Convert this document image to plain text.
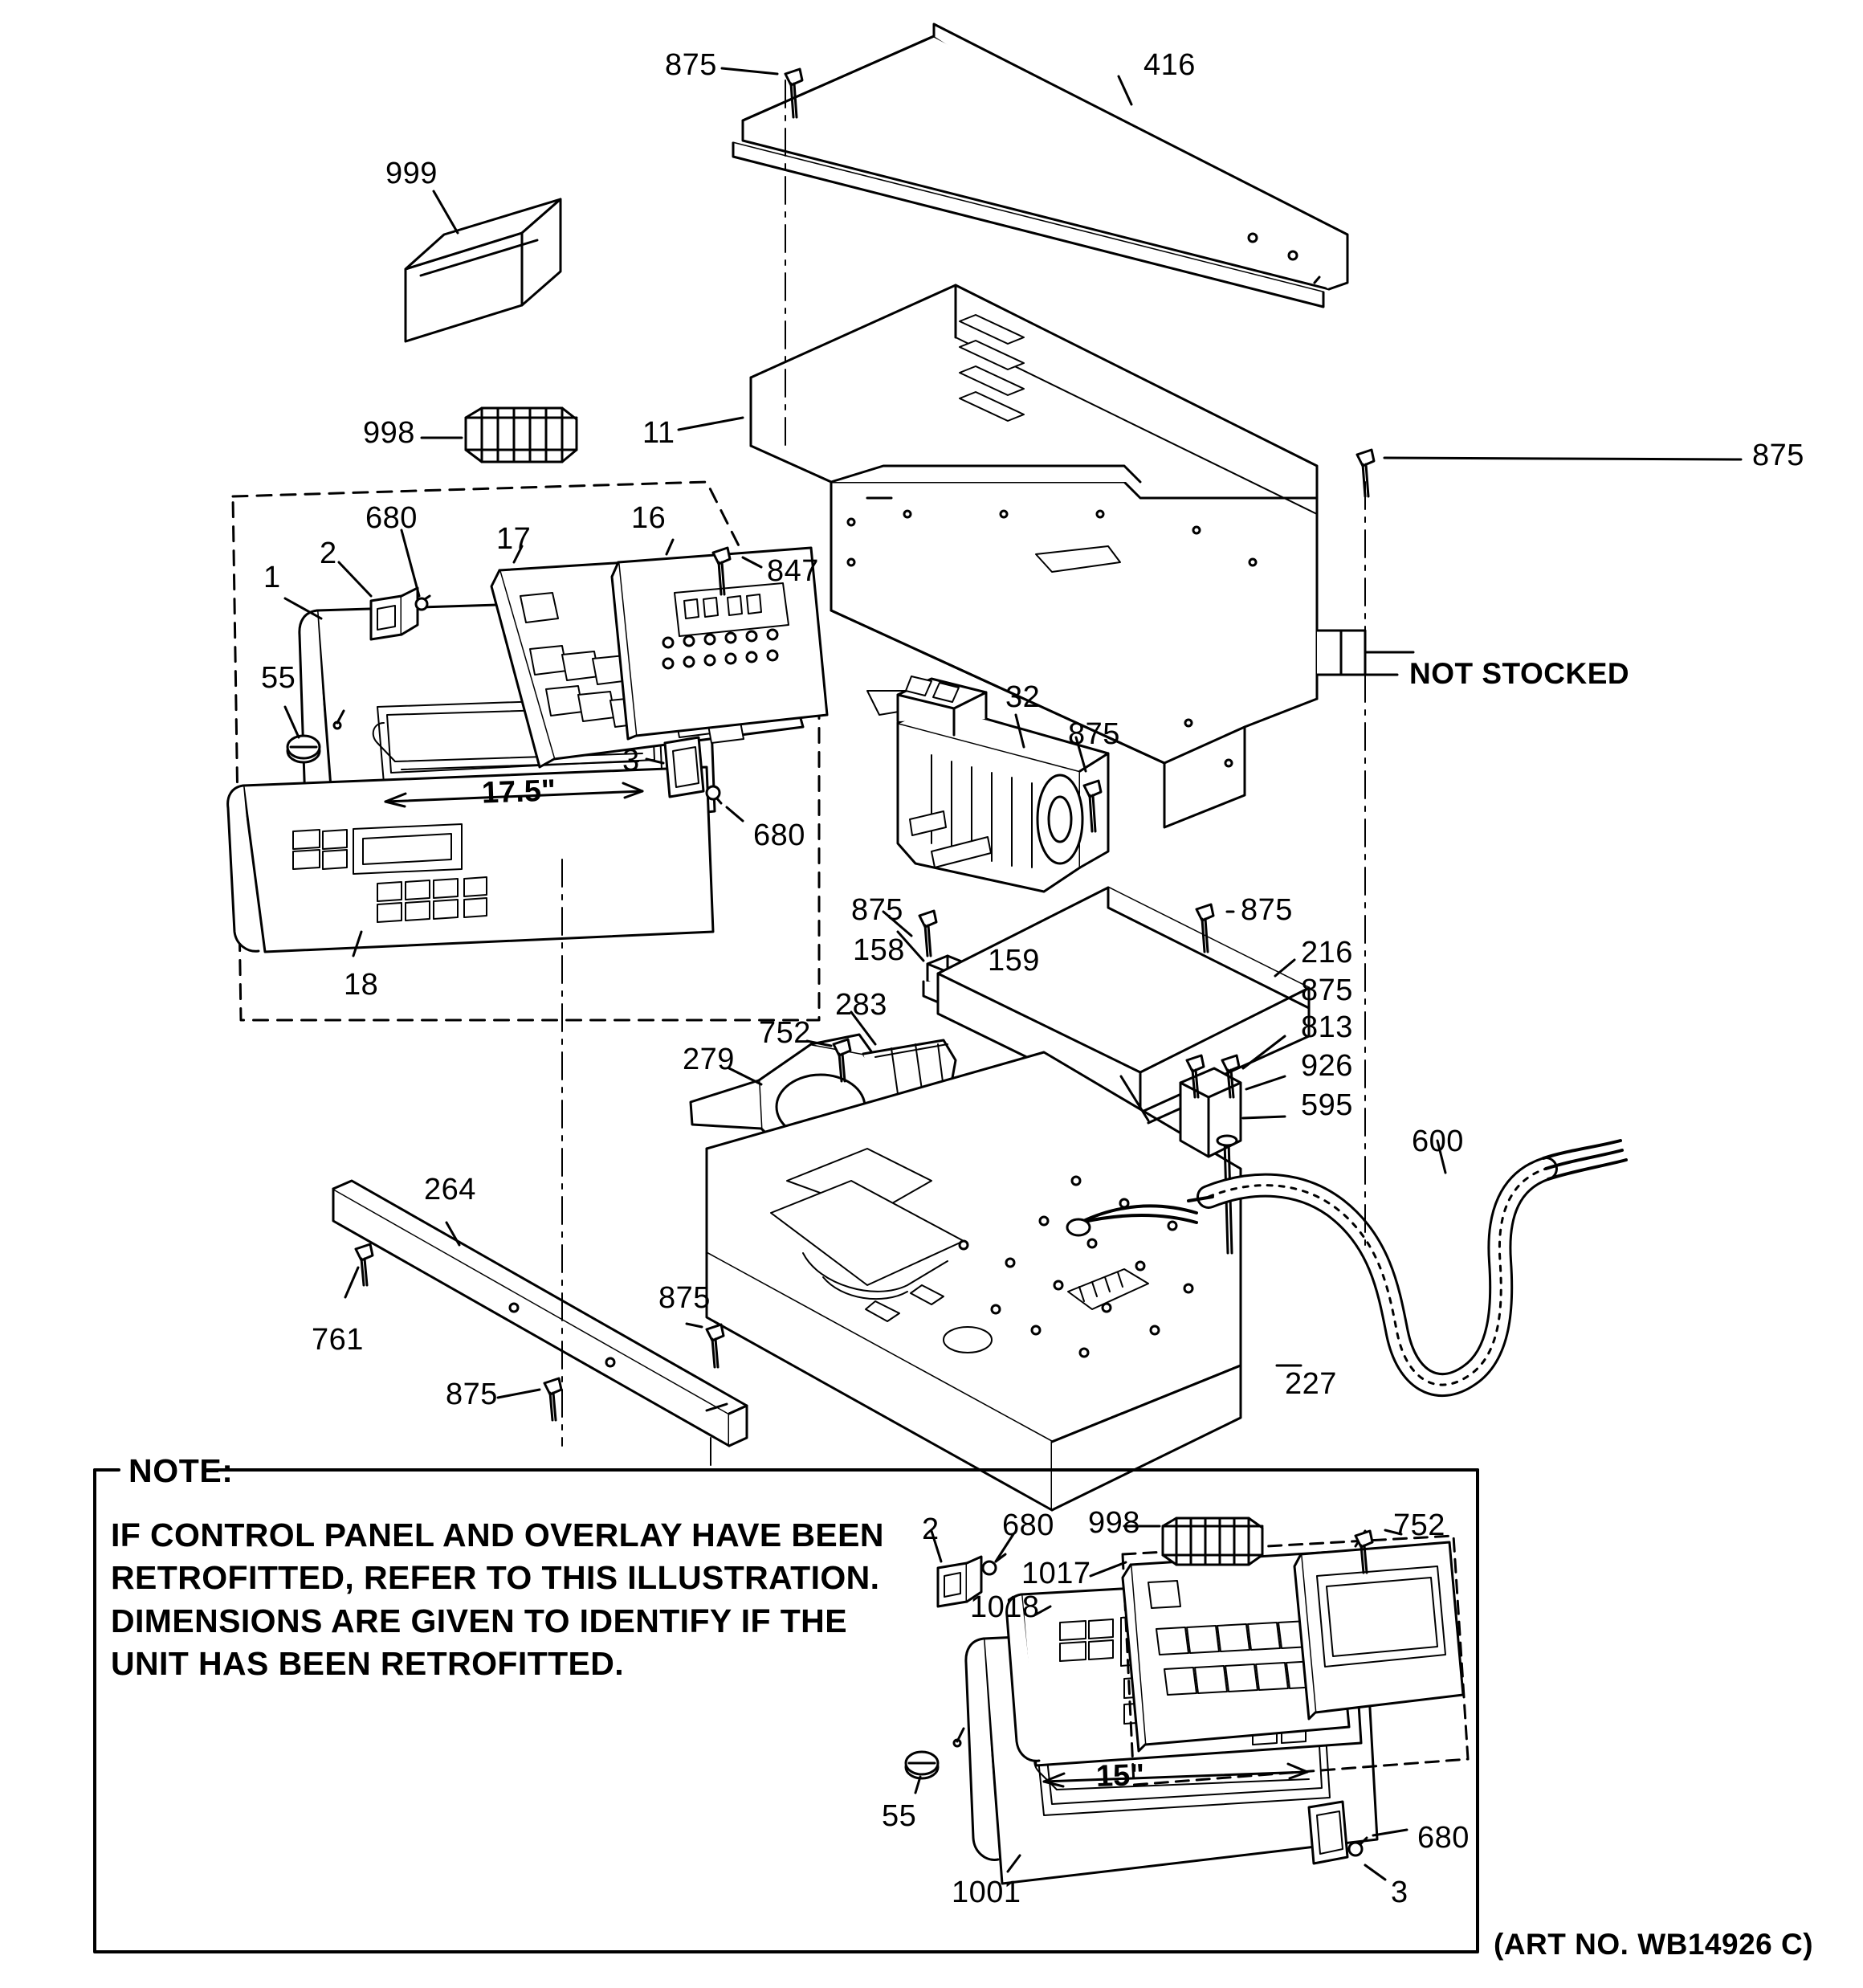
875	416
999
998	11
875
680
17
16
847
2
1
55
32
875
3
680
875	875
158	159	216
875
18
283
752	813
279	926
595
600
264
875
761
227
875
2 680 998	752
1017
1018
55
680
3
1001
17.5"
15"
NOT STOCKED
NOTE:
IF CONTROL PANEL AND OVERLAY HAVE BEEN RETROFITTED, REFER TO THIS ILLUSTRATION. DIMENSIONS ARE GIVEN TO IDENTIFY IF THE UNIT HAS BEEN RETROFITTED.
(ART NO. WB14926 C)
